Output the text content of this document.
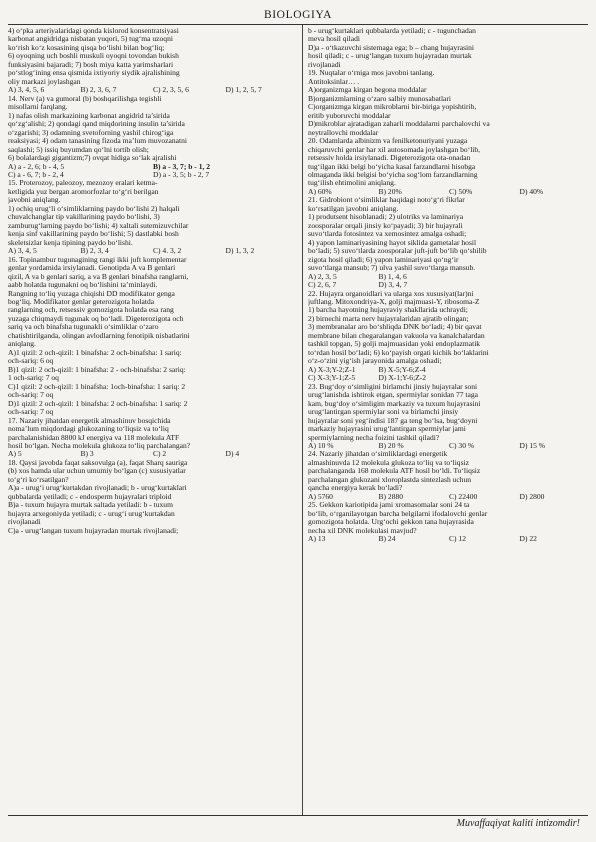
BIOLOGIYA
4) o‘pka arteriyalaridagi qonda kislorod konsentratsiyasi
karbonat angidridga nisbatan yuqori, 5) tug‘ma uzoqni
ko‘rish ko‘z kosasining qisqa bo‘lishi bilan bog‘liq;
6) oyoqning uch boshli muskuli oyoqni tovondan bukish
funksiyasini bajaradi; 7) bosh miya katta yarimsharlari
po‘stlog‘ining ensa qismida ixtiyoriy siydik ajralishining
oliy markazi joylashgan
A) 3, 4, 5, 6	B) 2, 3, 6, 7	C) 2, 3, 5, 6	D) 1, 2, 5, 7
14. Nerv (a) va gumoral (b) boshqarilishga tegishli
misollarni farqlang.
1) nafas olish markazining karbonat angidrid ta’sirida
qo‘zg‘alishi; 2) qondagi qand miqdorining insulin ta’sirida
o‘zgarishi; 3) odamning svetoforning yashil chirog‘iga
reaksiyasi; 4) odam tanasining fizoda ma’lum muvozanatni
saqlashi; 5) issiq buyumdan qo‘lni tortib olish;
6) bolalardagi gigantizm;7) ovqat hidiga so‘lak ajralishi
A) a - 2, 6; b - 4, 5	B) a - 3, 7; b - 1, 2
C) a - 6, 7; b - 2, 4	D) a - 3, 5; b - 2, 7
15. Proterozoy, paleozoy, mezozoy eralari ketma-
ketligida yuz bergan aromorfozlar to‘g‘ri berilgan
javobni aniqlang.
1) ochiq urug‘li o‘simliklarning paydo bo‘lishi 2) halqali
chuvalchanglar tip vakillarining paydo bo‘lishi, 3)
zamburug‘larning paydo bo‘lishi; 4) xaltali sutemizuvchilar
kenja sinf vakillarining paydo bo‘lishi; 5) dastlabki bosh
skeletsizlar kenja tipining paydo bo‘lishi.
A) 3, 4, 5	B) 2, 3, 4	C) 4. 3, 2	D) 1, 3, 2
16. Topinambur tugunagining rangi ikki juft komplementar
genlar yordamida irsiylanadi. Genotipda A va B genlari
qizil, A va b genlari sariq, a va B genlari binafsha ranglarni,
aabb holatda tugunakni oq bo‘lishini ta’minlaydi.
Rangning to‘liq yuzaga chiqishi DD modifikator genga
bog‘liq. Modifikator genlar geterozigota holatda
ranglarning och, retsessiv gomozigota holatda esa rang
yuzaga chiqmaydi tugunak oq bo‘ladi. Digeterozigota och
sariq va och binafsha tugunakli o‘simliklar o‘zaro
chatishtirilganda, olingan avlodlarning fenotipik nisbatlarini
aniqlang.
A)1 qizil: 2 och-qizil: 1 binafsha: 2 och-binafsha: 1 sariq:
och-sariq: 6 oq
B)1 qizil: 2 och-qizil: 1 binafsha: 2 - och-binafsha: 2 sariq:
1 och-sariq: 7 oq
C)1 qizil: 2 och-qizil: 1 binafsha: 1och-binafsha: 1 sariq: 2
och-sariq: 7 oq
D)1 qizil: 2 och-qizil: 1 binafsha: 2 och-binafsha: 1 sariq: 2
och-sariq: 7 oq
17. Nazariy jihatdan energetik almashinuv bosqichida
noma’lum miqdordagi glukozaning to‘liqsiz va to‘liq
parchalanishidan 8800 kJ energiya va 118 molekula ATF
hosil bo‘lgan. Necha molekula glukoza to‘liq parchalangan?
A) 5	B) 3	C) 2	D) 4
18. Qaysi javobda faqat saksovulga (a), faqat Sharq sauriga
(b) xos hamda ular uchun umumiy bo‘lgan (c) xususiyatlar
to‘g‘ri ko‘rsatilgan?
A)a - urug‘i urug‘kurtakdan rivojlanadi; b - urug‘kurtaklari
qubbalarda yetiladi; c - endosperm hujayralari triploid
B)a - tuxum hujayra murtak saltada yetiladi: b - tuxum
hujayra arxegoniyda yetiladi; c - urug‘i urug‘kurtakdan
rivojlanadi
C)a - urug‘langan tuxum hujayradan murtak rivojlanadi;
b - urug‘kurtaklari qubbalarda yetiladi; c - tuguncha​dan
meva hosil qiladi
D)a - o‘tkazuvchi sistemaga ega; b – chang hujayrasini
hosil qiladi; c - urug‘langan tuxum hujayradan murtak
rivojlanadi
19. Nuqtalar o‘rniga mos javobni tanlang.
Antitoksinlar… .
A)organizmga kirgan begona moddalar
B)organizmlarning o‘zaro salbiy munosabatlari
C)organizmga kirgan mikroblarni bir-biriga yopishtirib,
eritib yuboruvchi moddalar
D)mikroblar ajratadigan zaharli moddalarni parchalovchi va
neytrallovchi moddalar
20. Odamlarda albinizm va fenilketonuriyani yuzaga
chiqaruvchi genlar har xil autosomada joylashgan bo‘lib,
retsessiv holda irsiylanadi. Digeterozigota ota-onadan
tug‘ilgan ikki belgi bo‘yicha kasal farzandlarni hisobga
olmaganda ikki belgisi bo‘yicha sog‘lom farzandlarning
tug‘ilish ehtimolini aniqlang.
A) 60%	B) 20%	C) 50%	D) 40%
21. Gidrobiont o‘simliklar haqidagi noto‘g‘ri fikrlar
ko‘rsatilgan javobni aniqlang.
1) produtsent hisoblanadi; 2) ulotriks va laminariya
zoosporalar orqali jinsiy ko‘payadi; 3) bir hujayrali
suvo‘tlarda fotosintez va xemosintez amalga oshadi;
4) yapon laminariyasining hayot siklida gametalar hosil
bo‘ladi; 5) suvo‘tlarda zoosporalar juft-juft bo‘lib qo‘shilib
zigota hosil qiladi; 6) yapon laminariyasi qo‘ng‘ir
suvo‘tlarga mansub; 7) ulva yashil suvo‘tlarga mansub.
A) 2, 3, 5	B) 1, 4, 6
C) 2, 6, 7	D) 3, 4, 7
22. Hujayra organoidlari va ularga xos xususiyat(lar)ni
juftlang. Mitoxondriya-X, golji majmuasi-Y, ribosoma-Z
1) barcha hayotning hujayraviy shakllarida uchraydi;
2) birnechi marta nerv hujayralaridan ajratib olingan;
3) membranalar aro bo‘shliqda DNK bo‘ladi; 4) bir qavat
membrane bilan chegaralangan vakuola va kanalchalardan
tashkil topgan, 5) golji majmuasidan yoki endoplazmatik
to‘rdan hosil bo‘ladi; 6) ko‘payish orgati kichik bo‘laklarini
o‘z-o‘zini yig‘ish jarayonida amalga oshadi;
A) X-3;Y-2;Z-1	B) X-5;Y-6;Z-4
C) X-3;Y-1;Z-5	D) X-1;Y-6;Z-2
23. Bug‘doy o‘simligini birlamchi jinsiy hujayralar soni
urug‘lanishda ishtirok etgan, spermiylar sonidan 77 taga
kam, bug‘doy o‘simligim markaziy va tuxum hujayrasini
urug‘lantirgan spermiylar soni va birlamchi jinsiy
hujayralar soni yeg‘indisi 187 ga teng bo‘lsa, bug‘doyni
markaziy hujayrasini urug‘lantirgan spermiylar jami
spermiylarning necha foizini tashkil qiladi?
A) 10 %	B) 20 %	C) 30 %	D) 15 %
24. Nazariy jihatdan o‘simliklardagi energetik
almashinuvda 12 molekula glukoza to‘liq va to‘liqsiz
parchalanganda 168 molekula ATF hosil bo‘ldi. To‘liqsiz
parchalangan glukozani xloroplastda sintezlash uchun
qancha energiya kerak bo‘ladi?
A) 5760	B) 2880	C) 22400	D) 2800
25. Gekkon kariotipida jami xromasomalar soni 24 ta
bo‘lib, o‘rganilayotgan barcha belgilarni ifodalovchi genlar
gomozigota holatda. Urg‘ochi gekkon tana hujayrasida
necha xil DNK molekulasi mavjud?
A) 13	B) 24	C) 12	D) 22
Muvaffaqiyat kaliti intizomdir!
